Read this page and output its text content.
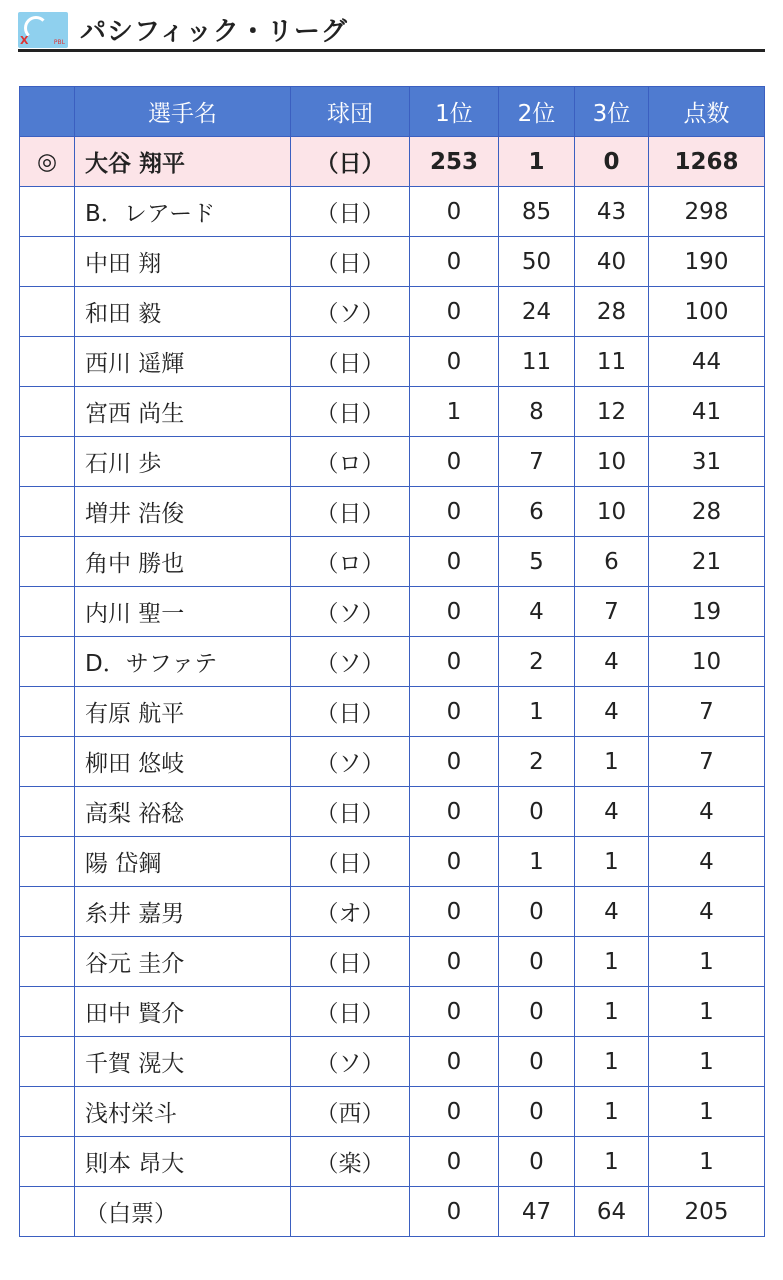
X	PBL パシフィック・リーグ
	選手名	球団	1位	2位	3位	点数
◎	大谷 翔平	（日）	253	1	0	1268
	B．レアード	（日）	0	85	43	298
	中田 翔	（日）	0	50	40	190
	和田 毅	（ソ）	0	24	28	100
	西川 遥輝	（日）	0	11	11	44
	宮西 尚生	（日）	1	8	12	41
	石川 歩	（ロ）	0	7	10	31
	増井 浩俊	（日）	0	6	10	28
	角中 勝也	（ロ）	0	5	6	21
	内川 聖一	（ソ）	0	4	7	19
	D．サファテ	（ソ）	0	2	4	10
	有原 航平	（日）	0	1	4	7
	柳田 悠岐	（ソ）	0	2	1	7
	高梨 裕稔	（日）	0	0	4	4
	陽 岱鋼	（日）	0	1	1	4
	糸井 嘉男	（オ）	0	0	4	4
	谷元 圭介	（日）	0	0	1	1
	田中 賢介	（日）	0	0	1	1
	千賀 滉大	（ソ）	0	0	1	1
	浅村栄斗	（西）	0	0	1	1
	則本 昂大	（楽）	0	0	1	1
	（白票）		0	47	64	205
